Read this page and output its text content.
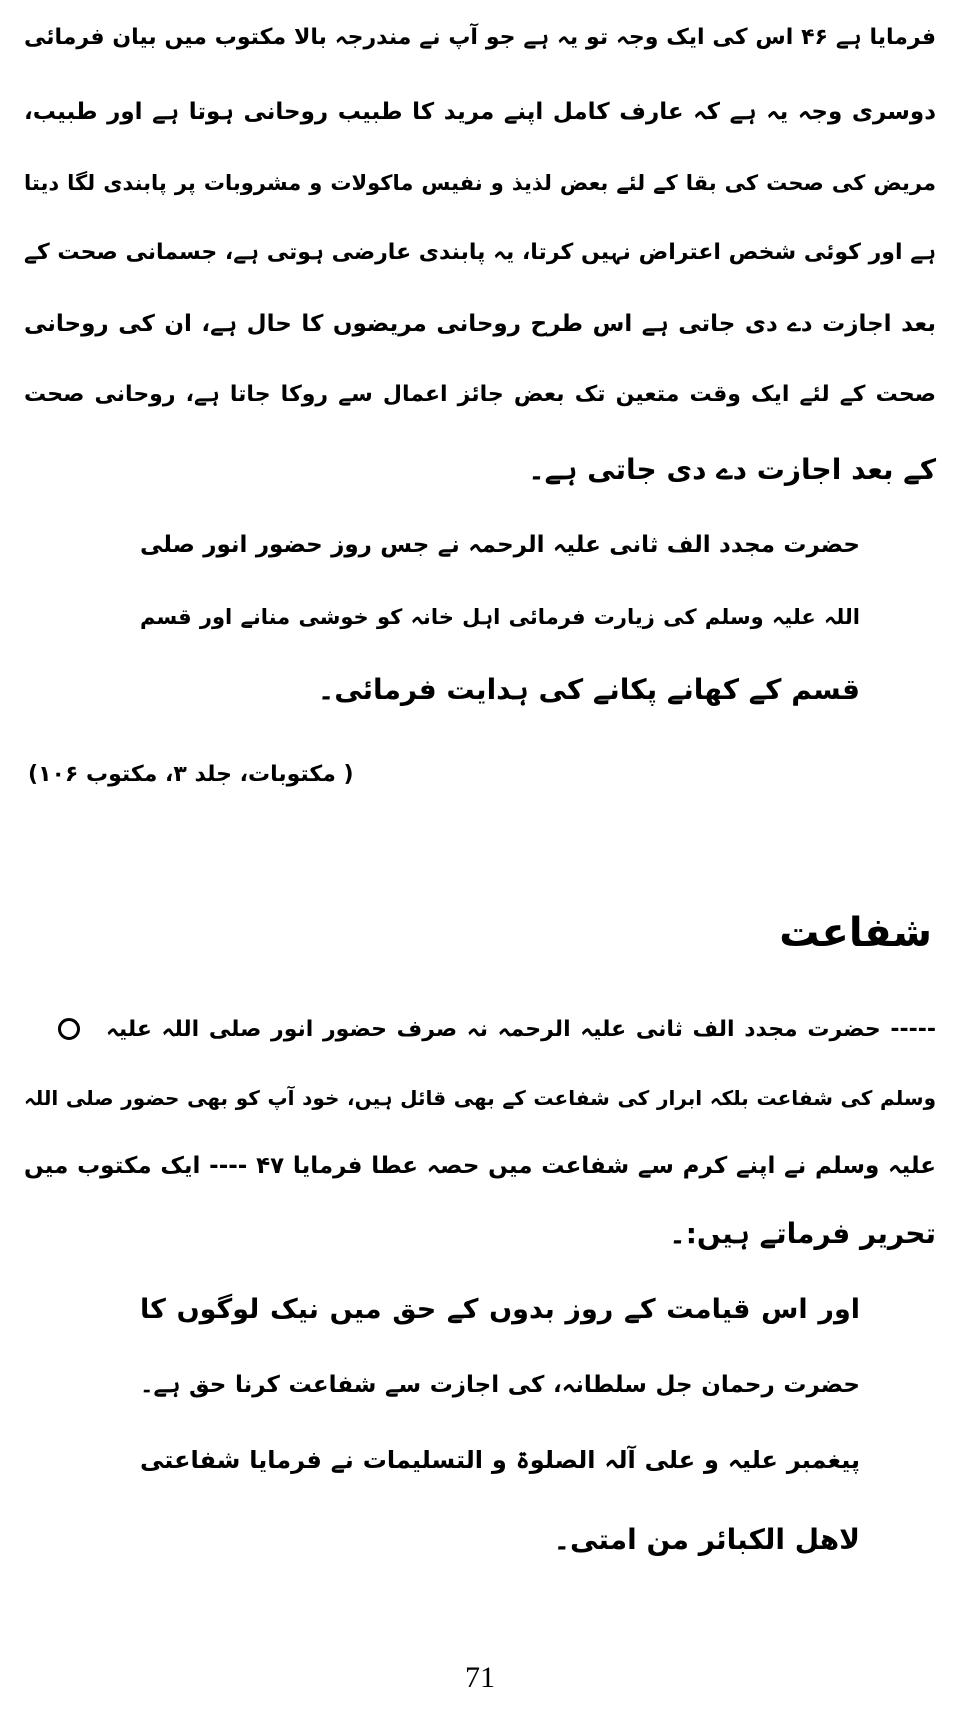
فرمایا ہے ۴۶ اس کی ایک وجہ تو یہ ہے جو آپ نے مندرجہ بالا مکتوب میں بیان فرمائی
دوسری وجہ یہ ہے کہ عارف کامل اپنے مرید کا طبیب روحانی ہوتا ہے اور طبیب،
مریض کی صحت کی بقا کے لئے بعض لذیذ و نفیس ماکولات و مشروبات پر پابندی لگا دیتا
ہے اور کوئی شخص اعتراض نہیں کرتا، یہ پابندی عارضی ہوتی ہے، جسمانی صحت کے
بعد اجازت دے دی جاتی ہے اس طرح روحانی مریضوں کا حال ہے، ان کی روحانی
صحت کے لئے ایک وقت متعین تک بعض جائز اعمال سے روکا جاتا ہے، روحانی صحت
کے بعد اجازت دے دی جاتی ہے۔
حضرت مجدد الف ثانی علیہ الرحمہ نے جس روز حضور انور صلی
اللہ علیہ وسلم کی زیارت فرمائی اہل خانہ کو خوشی منانے اور قسم
قسم کے کھانے پکانے کی ہدایت فرمائی۔
( مکتوبات، جلد ۳، مکتوب ۱۰۶)
شفاعت
----- حضرت مجدد الف ثانی علیہ الرحمہ نہ صرف حضور انور صلی اللہ علیہ
وسلم کی شفاعت بلکہ ابرار کی شفاعت کے بھی قائل ہیں، خود آپ کو بھی حضور صلی اللہ
علیہ وسلم نے اپنے کرم سے شفاعت میں حصہ عطا فرمایا ۴۷ ---- ایک مکتوب میں
تحریر فرماتے ہیں:۔
اور اس قیامت کے روز بدوں کے حق میں نیک لوگوں کا
حضرت رحمان جل سلطانہ، کی اجازت سے شفاعت کرنا حق ہے۔
پیغمبر علیہ و علی آلہ الصلوۃ و التسلیمات نے فرمایا شفاعتی
لاھل الکبائر من امتی۔
71
